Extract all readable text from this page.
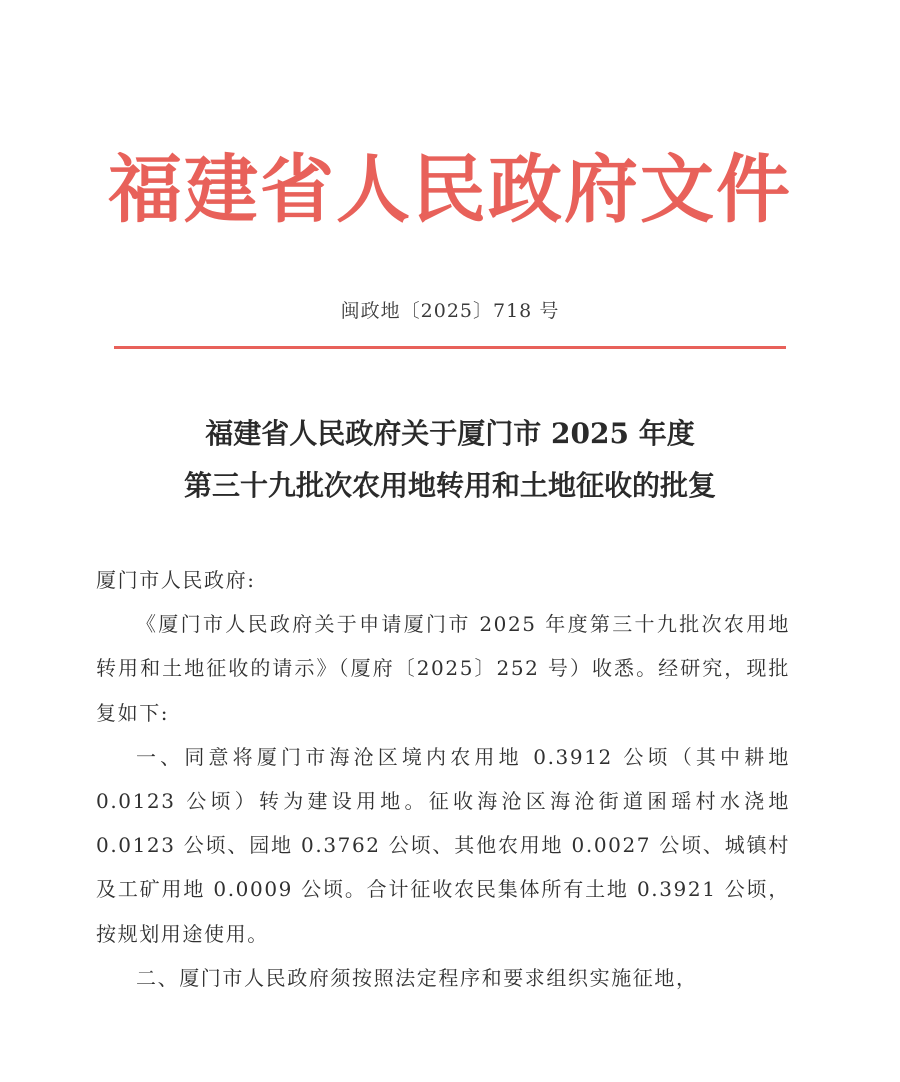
福建省人民政府文件
闽政地〔2025〕718 号
福建省人民政府关于厦门市 2025 年度
第三十九批次农用地转用和土地征收的批复

厦门市人民政府:

《厦门市人民政府关于申请厦门市 2025 年度第三十九批次农用地转用和土地征收的请示》（厦府〔2025〕252 号）收悉。经研究，现批复如下:

一、同意将厦门市海沧区境内农用地 0.3912 公顷（其中耕地 0.0123 公顷）转为建设用地。征收海沧区海沧街道囷瑶村水浇地 0.0123 公顷、园地 0.3762 公顷、其他农用地 0.0027 公顷、城镇村及工矿用地 0.0009 公顷。合计征收农民集体所有土地 0.3921 公顷，按规划用途使用。

二、厦门市人民政府须按照法定程序和要求组织实施征地，
